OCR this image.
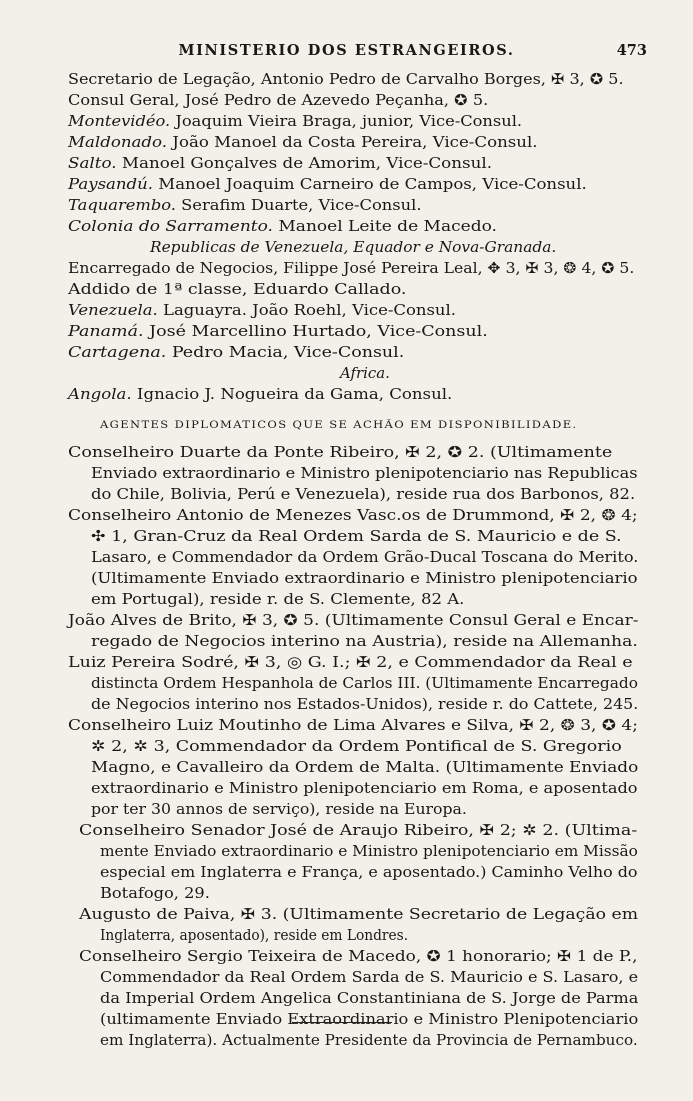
MINISTERIO DOS ESTRANGEIROS.	473
Secretario de Legação, Antonio Pedro de Carvalho Borges, ✠ 3, ✪ 5.
Consul Geral, José Pedro de Azevedo Peçanha, ✪ 5.
Montevidéo. Joaquim Vieira Braga, junior, Vice-Consul.
Maldonado. João Manoel da Costa Pereira, Vice-Consul.
Salto. Manoel Gonçalves de Amorim, Vice-Consul.
Paysandú. Manoel Joaquim Carneiro de Campos, Vice-Consul.
Taquarembo. Serafim Duarte, Vice-Consul.
Colonia do Sarramento. Manoel Leite de Macedo.
Republicas de Venezuela, Equador e Nova-Granada.
Encarregado de Negocios, Filippe José Pereira Leal, ✥ 3, ✠ 3, ❂ 4, ✪ 5.
Addido de 1ª classe, Eduardo Callado.
Venezuela. Laguayra. João Roehl, Vice-Consul.
Panamá. José Marcellino Hurtado, Vice-Consul.
Cartagena. Pedro Macia, Vice-Consul.
Africa.
Angola. Ignacio J. Nogueira da Gama, Consul.
AGENTES DIPLOMATICOS QUE SE ACHÃO EM DISPONIBILIDADE.
Conselheiro Duarte da Ponte Ribeiro, ✠ 2, ✪ 2. (Ultimamente
Enviado extraordinario e Ministro plenipotenciario nas Republicas
do Chile, Bolivia, Perú e Venezuela), reside rua dos Barbonos, 82.
Conselheiro Antonio de Menezes Vasc.os de Drummond, ✠ 2, ❂ 4;
✣ 1, Gran-Cruz da Real Ordem Sarda de S. Mauricio e de S.
Lasaro, e Commendador da Ordem Grão-Ducal Toscana do Merito.
(Ultimamente Enviado extraordinario e Ministro plenipotenciario
em Portugal), reside r. de S. Clemente, 82 A.
João Alves de Brito, ✠ 3, ✪ 5. (Ultimamente Consul Geral e Encar-
regado de Negocios interino na Austria), reside na Allemanha.
Luiz Pereira Sodré, ✠ 3, ◎ G. I.; ✠ 2, e Commendador da Real e
distincta Ordem Hespanhola de Carlos III. (Ultimamente Encarregado
de Negocios interino nos Estados-Unidos), reside r. do Cattete, 245.
Conselheiro Luiz Moutinho de Lima Alvares e Silva, ✠ 2, ❂ 3, ✪ 4;
✲ 2, ✲ 3, Commendador da Ordem Pontifical de S. Gregorio
Magno, e Cavalleiro da Ordem de Malta. (Ultimamente Enviado
extraordinario e Ministro plenipotenciario em Roma, e aposentado
por ter 30 annos de serviço), reside na Europa.
Conselheiro Senador José de Araujo Ribeiro, ✠ 2; ✲ 2. (Ultima-
mente Enviado extraordinario e Ministro plenipotenciario em Missão
especial em Inglaterra e França, e aposentado.) Caminho Velho do
Botafogo, 29.
Augusto de Paiva, ✠ 3. (Ultimamente Secretario de Legação em
Inglaterra, aposentado), reside em Londres.
Conselheiro Sergio Teixeira de Macedo, ✪ 1 honorario; ✠ 1 de P.,
Commendador da Real Ordem Sarda de S. Mauricio e S. Lasaro, e
da Imperial Ordem Angelica Constantiniana de S. Jorge de Parma
(ultimamente Enviado Extraordinario e Ministro Plenipotenciario
em Inglaterra). Actualmente Presidente da Provincia de Pernambuco.
